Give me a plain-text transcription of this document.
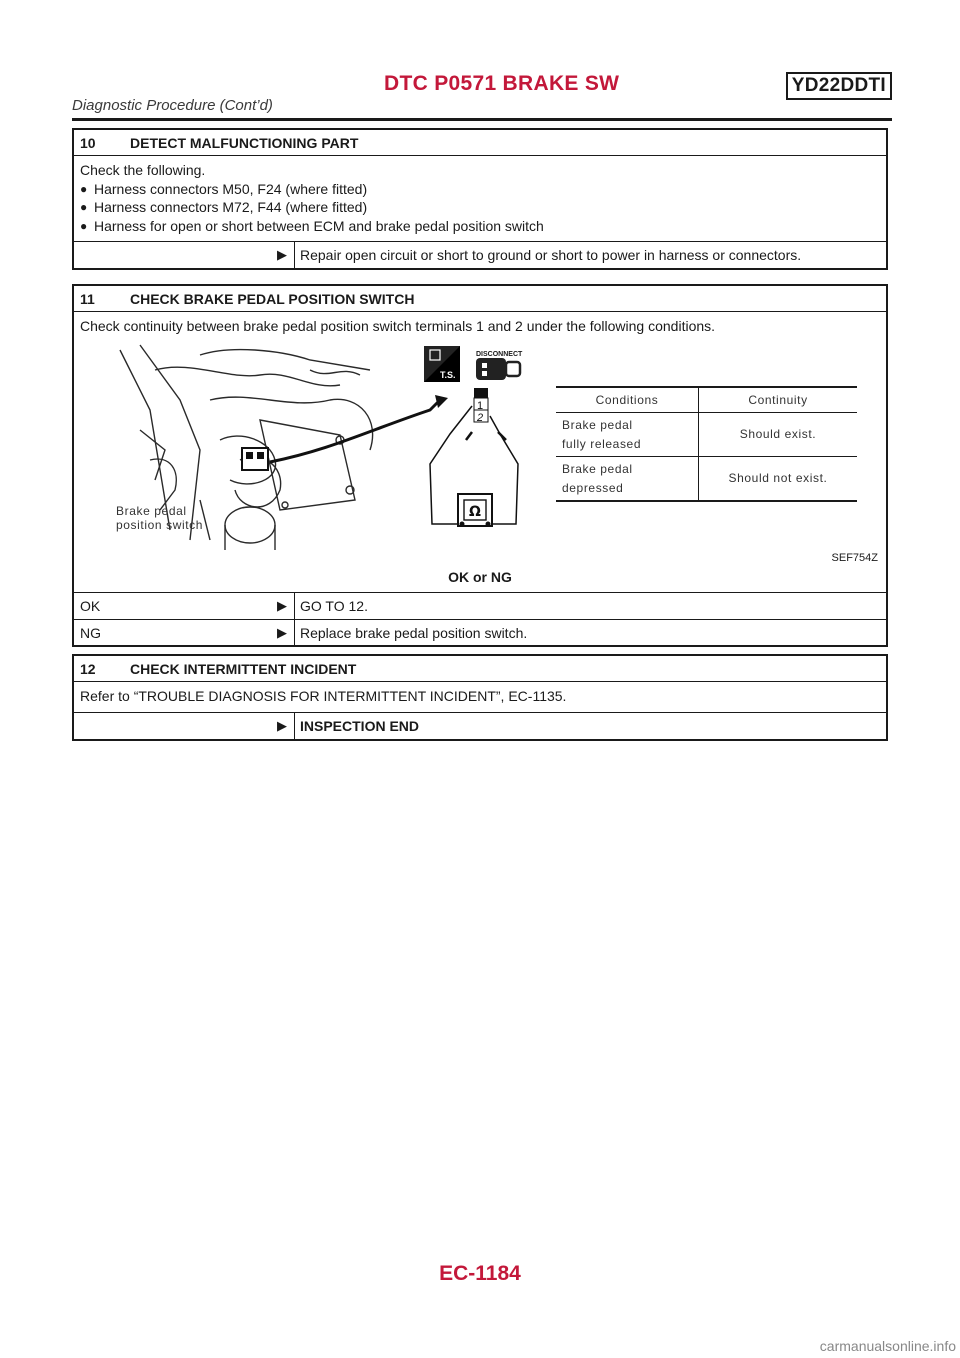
DTC P0571 BRAKE SW	YD22DDTI
Diagnostic Procedure (Cont’d)
10	DETECT MALFUNCTIONING PART
Check the following.
● Harness connectors M50, F24 (where fitted)
● Harness connectors M72, F44 (where fitted)
● Harness for open or short between ECM and brake pedal position switch
▶ Repair open circuit or short to ground or short to power in harness or connectors.
11	CHECK BRAKE PEDAL POSITION SWITCH
Check continuity between brake pedal position switch terminals 1 and 2 under the following conditions.
Brake pedal
position switch
T.S.
1
2
Ω
DISCONNECT
Conditions	Continuity
Brake pedal
fully released	Should exist.
Brake pedal
depressed	Should not exist.
SEF754Z
OK or NG
OK	▶ GO TO 12.
NG	▶ Replace brake pedal position switch.
12	CHECK INTERMITTENT INCIDENT
Refer to “TROUBLE DIAGNOSIS FOR INTERMITTENT INCIDENT”, EC-1135.
▶ INSPECTION END
EC-1184
carmanualsonline.info
